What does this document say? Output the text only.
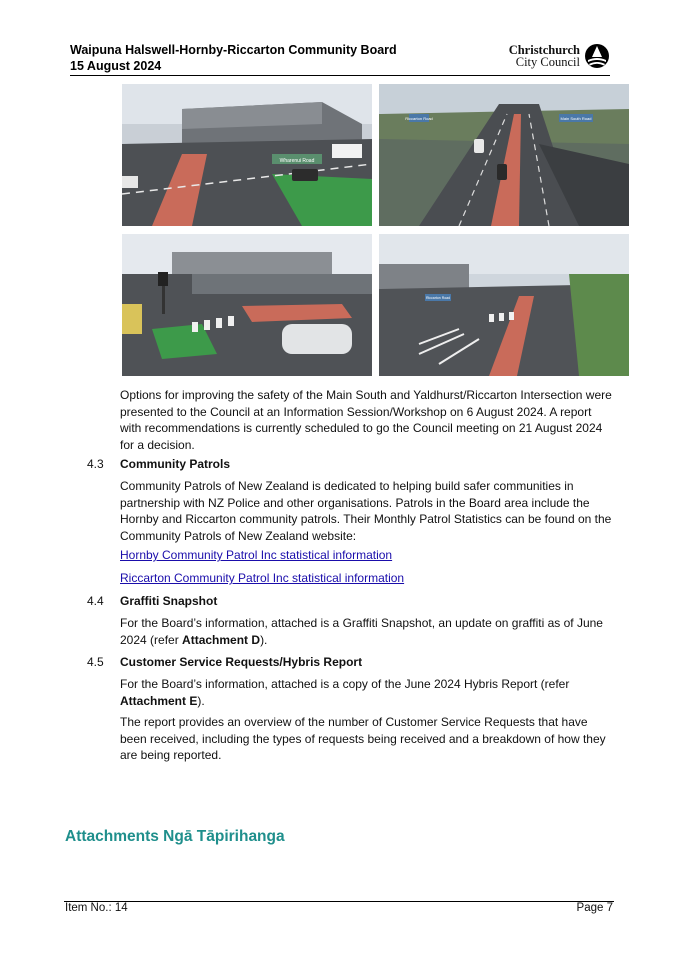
Waipuna Halswell-Hornby-Riccarton Community Board
15 August 2024
Christchurch
City Council
Wharenui Road
Riccarton Road	Main South Road
Riccarton Road
Options for improving the safety of the Main South and Yaldhurst/Riccarton Intersection were presented to the Council at an Information Session/Workshop on 6 August 2024. A report with recommendations is currently scheduled to go the Council meeting on 21 August 2024 for a decision.
4.3 Community Patrols
Community Patrols of New Zealand is dedicated to helping build safer communities in partnership with NZ Police and other organisations. Patrols in the Board area include the Hornby and Riccarton community patrols. Their Monthly Patrol Statistics can be found on the Community Patrols of New Zealand website:
Hornby Community Patrol Inc statistical information
Riccarton Community Patrol Inc statistical information
4.4 Graffiti Snapshot
For the Board’s information, attached is a Graffiti Snapshot, an update on graffiti as of June 2024 (refer Attachment D).
4.5 Customer Service Requests/Hybris Report
For the Board’s information, attached is a copy of the June 2024 Hybris Report (refer Attachment E).
The report provides an overview of the number of Customer Service Requests that have been received, including the types of requests being received and a breakdown of how they are being reported.
Attachments Ngā Tāpirihanga
Item No.: 14	Page 7
